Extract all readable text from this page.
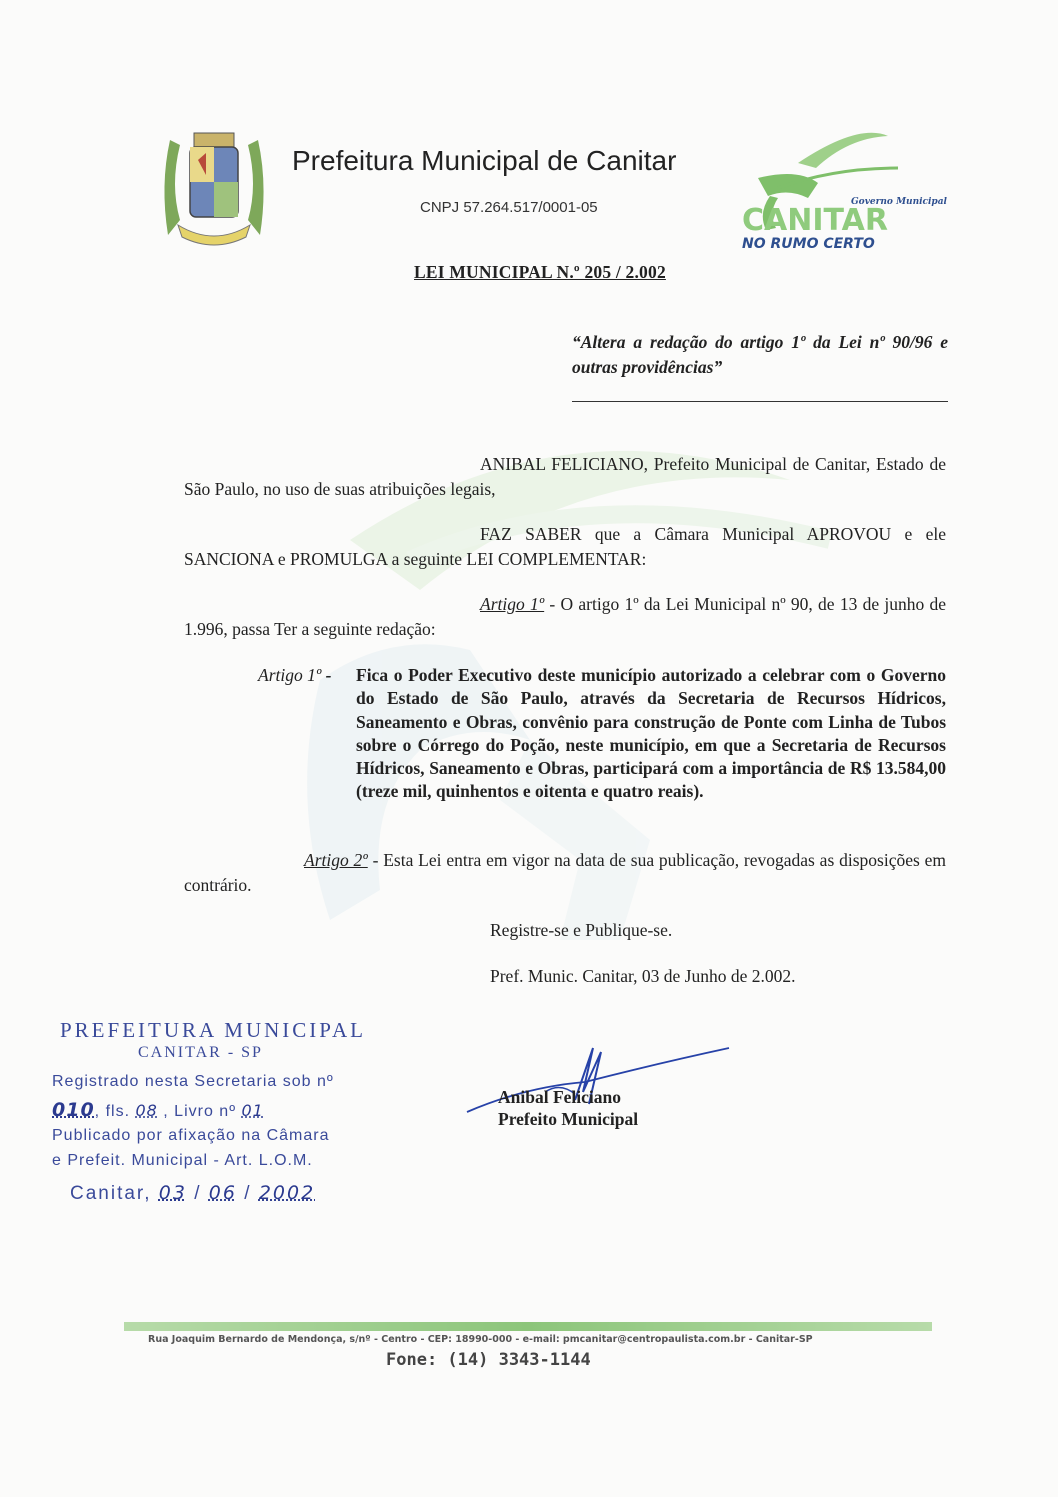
Prefeitura Municipal de Canitar
CNPJ 57.264.517/0001-05	Governo Municipal
CANITAR
NO RUMO CERTO
LEI MUNICIPAL N.º 205 / 2.002
“Altera a redação do artigo 1º da Lei nº 90/96 e outras providências”
ANIBAL FELICIANO, Prefeito Municipal de Canitar, Estado de São Paulo, no uso de suas atribuições legais,
FAZ SABER que a Câmara Municipal APROVOU e ele SANCIONA e PROMULGA a seguinte LEI COMPLEMENTAR:
Artigo 1º - O artigo 1º da Lei Municipal nº 90, de 13 de junho de 1.996, passa Ter a seguinte redação:
Artigo 1º - Fica o Poder Executivo deste município autorizado a celebrar com o Governo do Estado de São Paulo, através da Secretaria de Recursos Hídricos, Saneamento e Obras, convênio para construção de Ponte com Linha de Tubos sobre o Córrego do Poção, neste município, em que a Secretaria de Recursos Hídricos, Saneamento e Obras, participará com a importância de R$ 13.584,00 (treze mil, quinhentos e oitenta e quatro reais).
Artigo 2º - Esta Lei entra em vigor na data de sua publicação, revogadas as disposições em contrário.
Registre-se e Publique-se.
Pref. Munic. Canitar, 03 de Junho de 2.002.
PREFEITURA MUNICIPAL
CANITAR - SP
Registrado nesta Secretaria sob nº
010, fls. 08 , Livro nº 01
Publicado por afixação na Câmara
e Prefeit. Municipal - Art. L.O.M.
Canitar, 03 / 06 / 2002
Anibal Feliciano
Prefeito Municipal
Rua Joaquim Bernardo de Mendonça, s/nº - Centro - CEP: 18990-000 - e-mail: pmcanitar@centropaulista.com.br - Canitar-SP
Fone: (14) 3343-1144
